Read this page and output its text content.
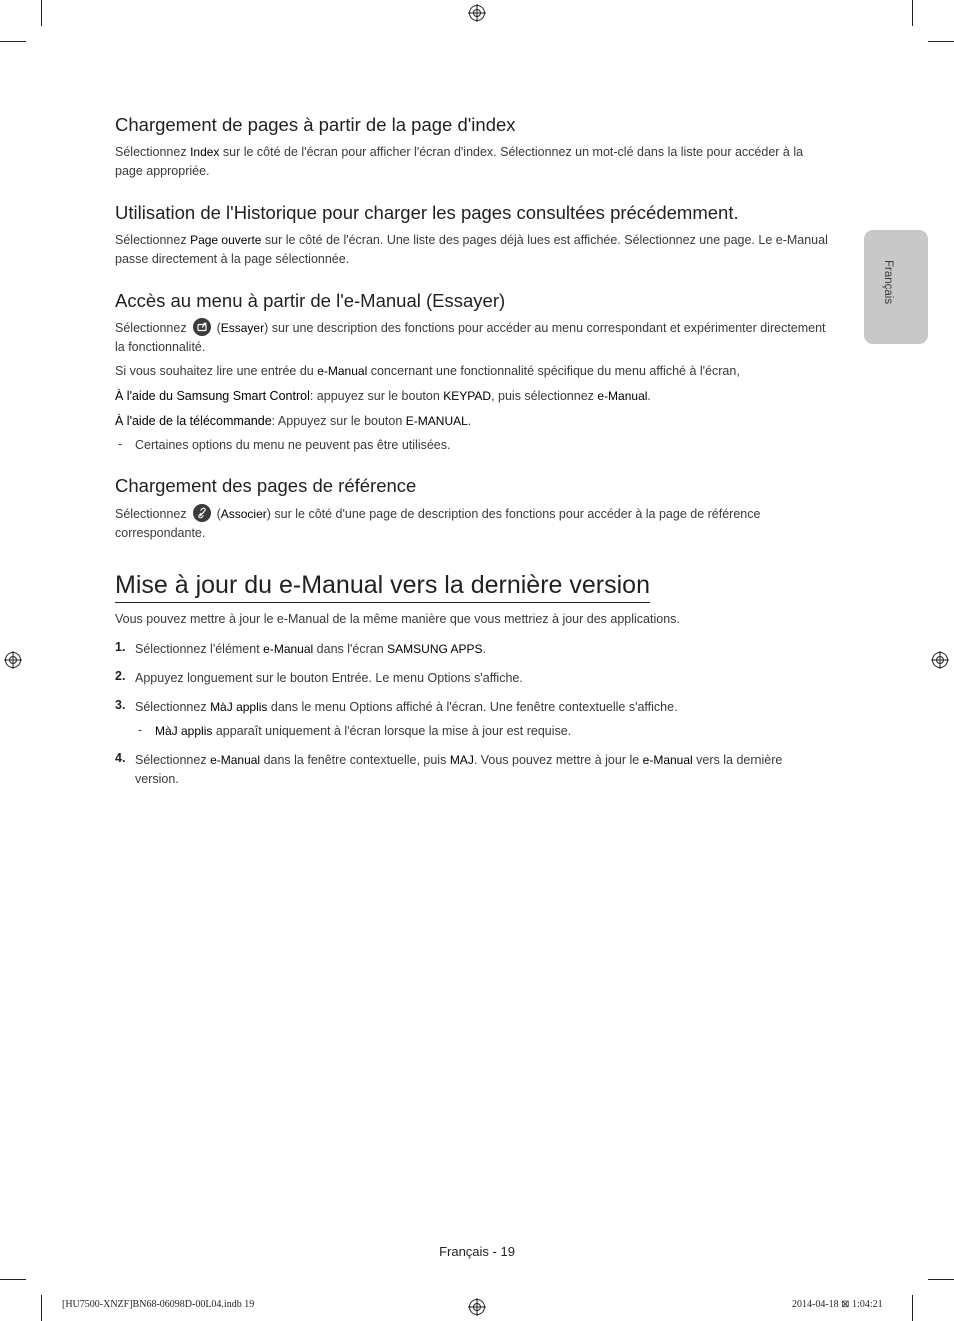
Français
Chargement de pages à partir de la page d'index
Sélectionnez Index sur le côté de l'écran pour afficher l'écran d'index. Sélectionnez un mot-clé dans la liste pour accéder à la page appropriée.
Utilisation de l'Historique pour charger les pages consultées précédemment.
Sélectionnez Page ouverte sur le côté de l'écran. Une liste des pages déjà lues est affichée. Sélectionnez une page. Le e-Manual passe directement à la page sélectionnée.
Accès au menu à partir de l'e-Manual (Essayer)
Sélectionnez (Essayer) sur une description des fonctions pour accéder au menu correspondant et expérimenter directement la fonctionnalité.
Si vous souhaitez lire une entrée du e-Manual concernant une fonctionnalité spécifique du menu affiché à l'écran,
À l'aide du Samsung Smart Control: appuyez sur le bouton KEYPAD, puis sélectionnez e-Manual.
À l'aide de la télécommande: Appuyez sur le bouton E-MANUAL.
- Certaines options du menu ne peuvent pas être utilisées.
Chargement des pages de référence
Sélectionnez (Associer) sur le côté d'une page de description des fonctions pour accéder à la page de référence correspondante.
Mise à jour du e-Manual vers la dernière version
Vous pouvez mettre à jour le e-Manual de la même manière que vous mettriez à jour des applications.
1. Sélectionnez l'élément e-Manual dans l'écran SAMSUNG APPS.
2. Appuyez longuement sur le bouton Entrée. Le menu Options s'affiche.
3. Sélectionnez MàJ applis dans le menu Options affiché à l'écran. Une fenêtre contextuelle s'affiche.
- MàJ applis apparaît uniquement à l'écran lorsque la mise à jour est requise.
4. Sélectionnez e-Manual dans la fenêtre contextuelle, puis MAJ. Vous pouvez mettre à jour le e-Manual vers la dernière version.
Français - 19
[HU7500-XNZF]BN68-06098D-00L04.indb 19	2014-04-18 ⊠ 1:04:21
